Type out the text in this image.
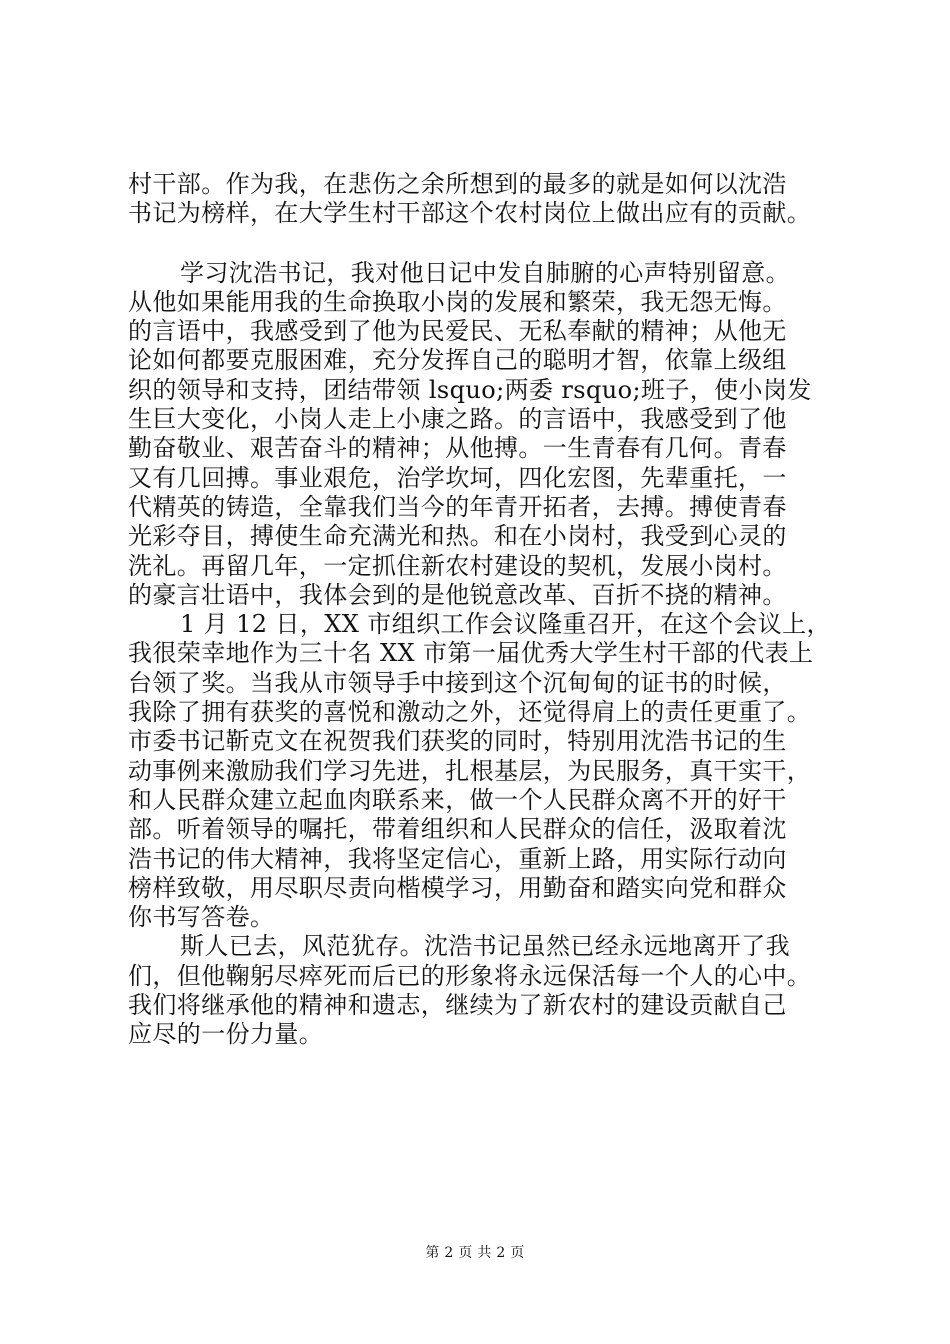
村干部。作为我，在悲伤之余所想到的最多的就是如何以沈浩
书记为榜样，在大学生村干部这个农村岗位上做出应有的贡献。

学习沈浩书记，我对他日记中发自肺腑的心声特别留意。
从他如果能用我的生命换取小岗的发展和繁荣，我无怨无悔。
的言语中，我感受到了他为民爱民、无私奉献的精神；从他无
论如何都要克服困难，充分发挥自己的聪明才智，依靠上级组
织的领导和支持，团结带领 lsquo;两委 rsquo;班子，使小岗发
生巨大变化，小岗人走上小康之路。的言语中，我感受到了他
勤奋敬业、艰苦奋斗的精神；从他搏。一生青春有几何。青春
又有几回搏。事业艰危，治学坎坷，四化宏图，先辈重托，一
代精英的铸造，全靠我们当今的年青开拓者，去搏。搏使青春
光彩夺目，搏使生命充满光和热。和在小岗村，我受到心灵的
洗礼。再留几年，一定抓住新农村建设的契机，发展小岗村。
的豪言壮语中，我体会到的是他锐意改革、百折不挠的精神。

1 月 12 日，XX 市组织工作会议隆重召开，在这个会议上，
我很荣幸地作为三十名 XX 市第一届优秀大学生村干部的代表上
台领了奖。当我从市领导手中接到这个沉甸甸的证书的时候，
我除了拥有获奖的喜悦和激动之外，还觉得肩上的责任更重了。
市委书记靳克文在祝贺我们获奖的同时，特别用沈浩书记的生
动事例来激励我们学习先进，扎根基层，为民服务，真干实干，
和人民群众建立起血肉联系来，做一个人民群众离不开的好干
部。听着领导的嘱托，带着组织和人民群众的信任，汲取着沈
浩书记的伟大精神，我将坚定信心，重新上路，用实际行动向
榜样致敬，用尽职尽责向楷模学习，用勤奋和踏实向党和群众
你书写答卷。

斯人已去，风范犹存。沈浩书记虽然已经永远地离开了我
们，但他鞠躬尽瘁死而后已的形象将永远保活每一个人的心中。
我们将继承他的精神和遗志，继续为了新农村的建设贡献自己
应尽的一份力量。

第 2 页 共 2 页
